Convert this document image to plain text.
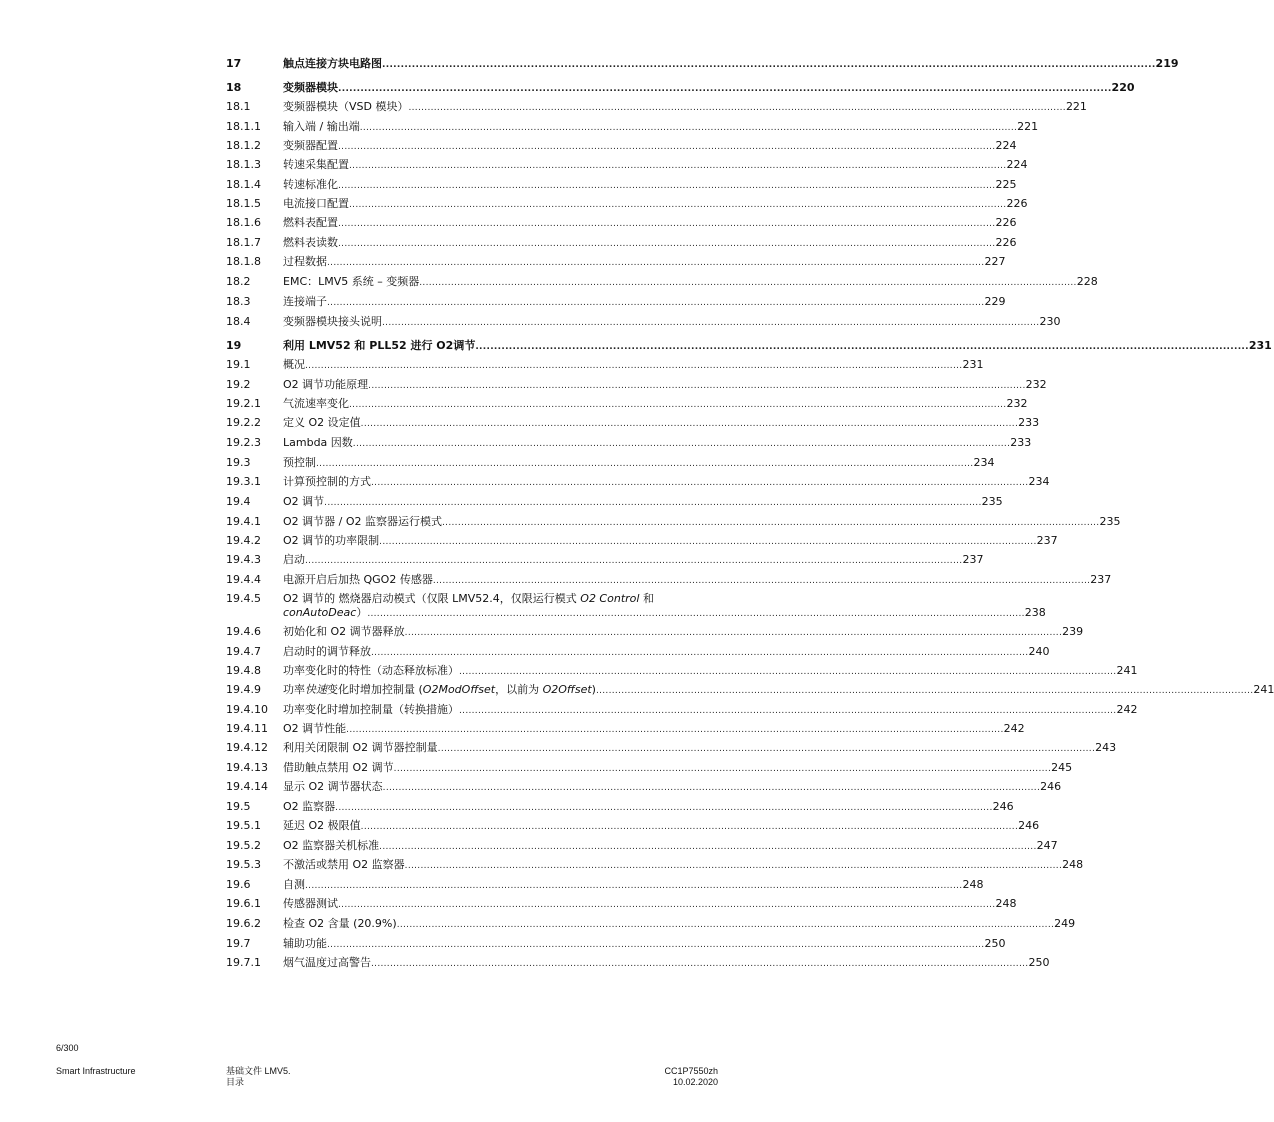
17	触点连接方块电路图 .....	219
18	变频器模块 .....	220
18.1	变频器模块（VSD 模块） .....	221
18.1.1	输入端 / 输出端 .....	221
18.1.2	变频器配置 .....	224
18.1.3	转速采集配置 .....	224
18.1.4	转速标准化 .....	225
18.1.5	电流接口配置 .....	226
18.1.6	燃料表配置 .....	226
18.1.7	燃料表读数 .....	226
18.1.8	过程数据 .....	227
18.2	EMC：LMV5 系统 – 变频器 .....	228
18.3	连接端子 .....	229
18.4	变频器模块接头说明 .....	230
19	利用 LMV52 和 PLL52 进行 O2调节 .....	231
19.1	概况 .....	231
19.2	O2 调节功能原理 .....	232
19.2.1	气流速率变化 .....	232
19.2.2	定义 O2 设定值 .....	233
19.2.3	Lambda 因数 .....	233
19.3	预控制 .....	234
19.3.1	计算预控制的方式 .....	234
19.4	O2 调节 .....	235
19.4.1	O2 调节器 / O2 监察器运行模式 .....	235
19.4.2	O2 调节的功率限制 .....	237
19.4.3	启动 .....	237
19.4.4	电源开启后加热 QGO2 传感器 .....	237
19.4.5	O2 调节的 燃烧器启动模式（仅限 LMV52.4，仅限运行模式 O2 Control 和
conAutoDeac） .....	238
19.4.6	初始化和 O2 调节器释放 .....	239
19.4.7	启动时的调节释放 .....	240
19.4.8	功率变化时的特性（动态释放标准） .....	241
19.4.9	功率快速变化时增加控制量 (O2ModOffset，以前为 O2Offset) .....	241
19.4.10	功率变化时增加控制量（转换措施） .....	242
19.4.11	O2 调节性能 .....	242
19.4.12	利用关闭限制 O2 调节器控制量 .....	243
19.4.13	借助触点禁用 O2 调节 .....	245
19.4.14	显示 O2 调节器状态 .....	246
19.5	O2 监察器 .....	246
19.5.1	延迟 O2 极限值 .....	246
19.5.2	O2 监察器关机标准 .....	247
19.5.3	不激活或禁用 O2 监察器 .....	248
19.6	自测 .....	248
19.6.1	传感器测试 .....	248
19.6.2	检查 O2 含量 (20.9%) .....	249
19.7	辅助功能 .....	250
19.7.1	烟气温度过高警告 .....	250
6/300
Smart Infrastructure	基础文件 LMV5.
目录
CC1P7550zh
10.02.2020
